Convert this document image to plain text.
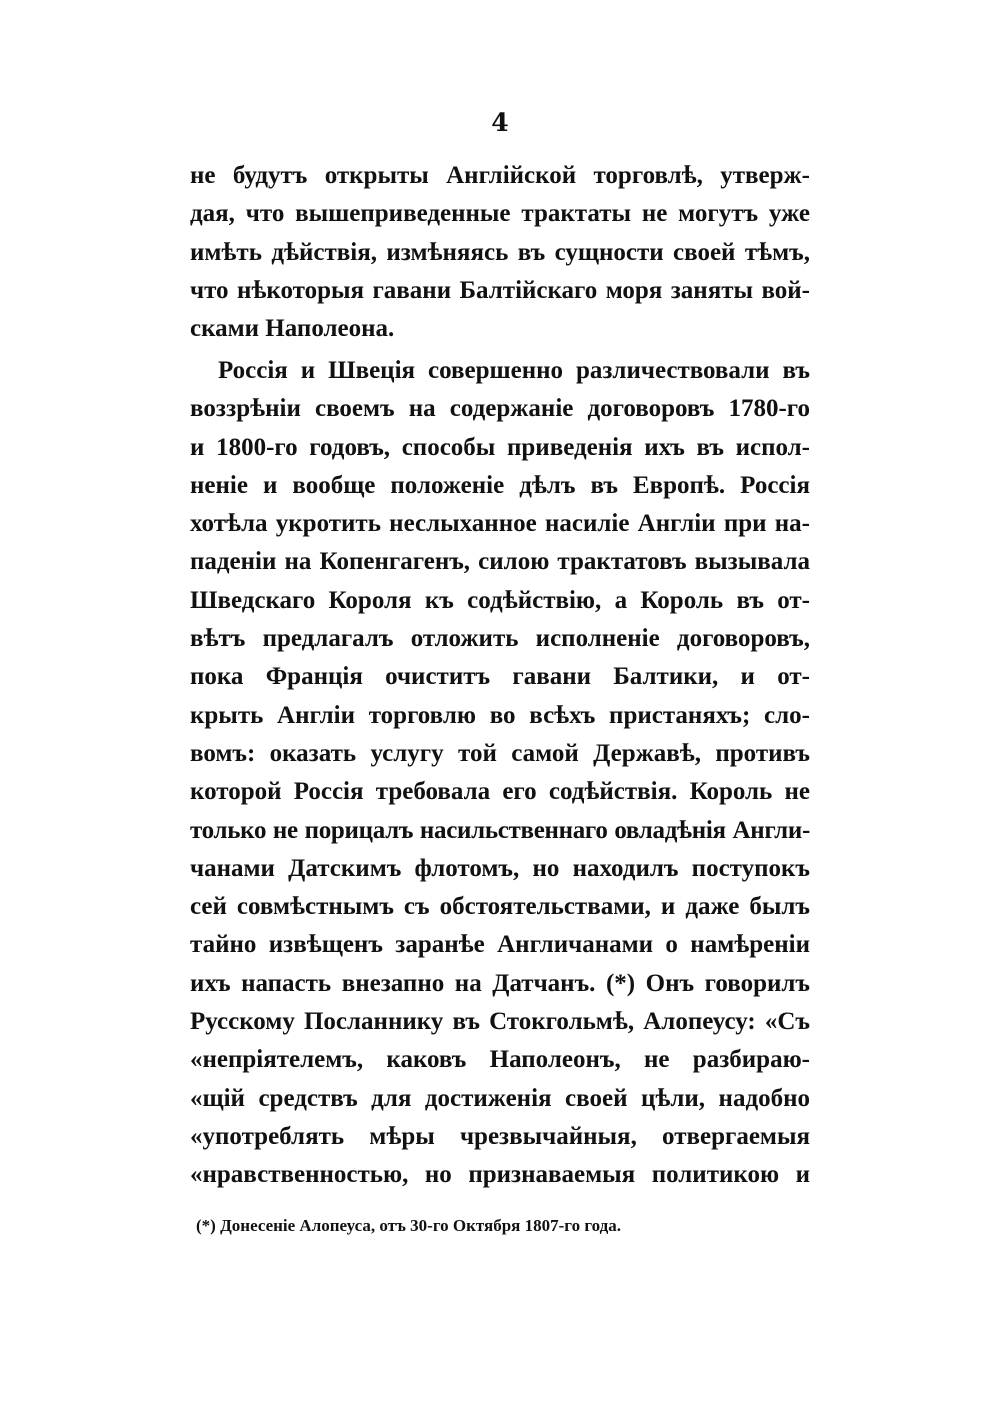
4
не будутъ открыты Англійской торговлѣ, утверж-
дая, что вышеприведенные трактаты не могутъ уже
имѣть дѣйствія, измѣняясь въ сущности своей тѣмъ,
что нѣкоторыя гавани Балтійскаго моря заняты вой-
сками Наполеона.
Россія и Швеція совершенно различествовали въ
воззрѣніи своемъ на содержаніе договоровъ 1780-го
и 1800-го годовъ, способы приведенія ихъ въ испол-
неніе и вообще положеніе дѣлъ въ Европѣ. Россія
хотѣла укротить неслыханное насиліе Англіи при на-
паденіи на Копенгагенъ, силою трактатовъ вызывала
Шведскаго Короля къ содѣйствію, а Король въ от-
вѣтъ предлагалъ отложить исполненіе договоровъ,
пока Франція очиститъ гавани Балтики, и от-
крыть Англіи торговлю во всѣхъ пристаняхъ; сло-
вомъ: оказать услугу той самой Державѣ, противъ
которой Россія требовала его содѣйствія. Король не
только не порицалъ насильственнаго овладѣнія Англи-
чанами Датскимъ флотомъ, но находилъ поступокъ
сей совмѣстнымъ съ обстоятельствами, и даже былъ
тайно извѣщенъ заранѣе Англичанами о намѣреніи
ихъ напасть внезапно на Датчанъ. (*) Онъ говорилъ
Русскому Посланнику въ Стокгольмѣ, Алопеусу: «Съ
«непріятелемъ, каковъ Наполеонъ, не разбираю-
«щій средствъ для достиженія своей цѣли, надобно
«употреблять мѣры чрезвычайныя, отвергаемыя
«нравственностью, но признаваемыя политикою и
(*) Донесеніе Алопеуса, отъ 30-го Октября 1807-го года.
